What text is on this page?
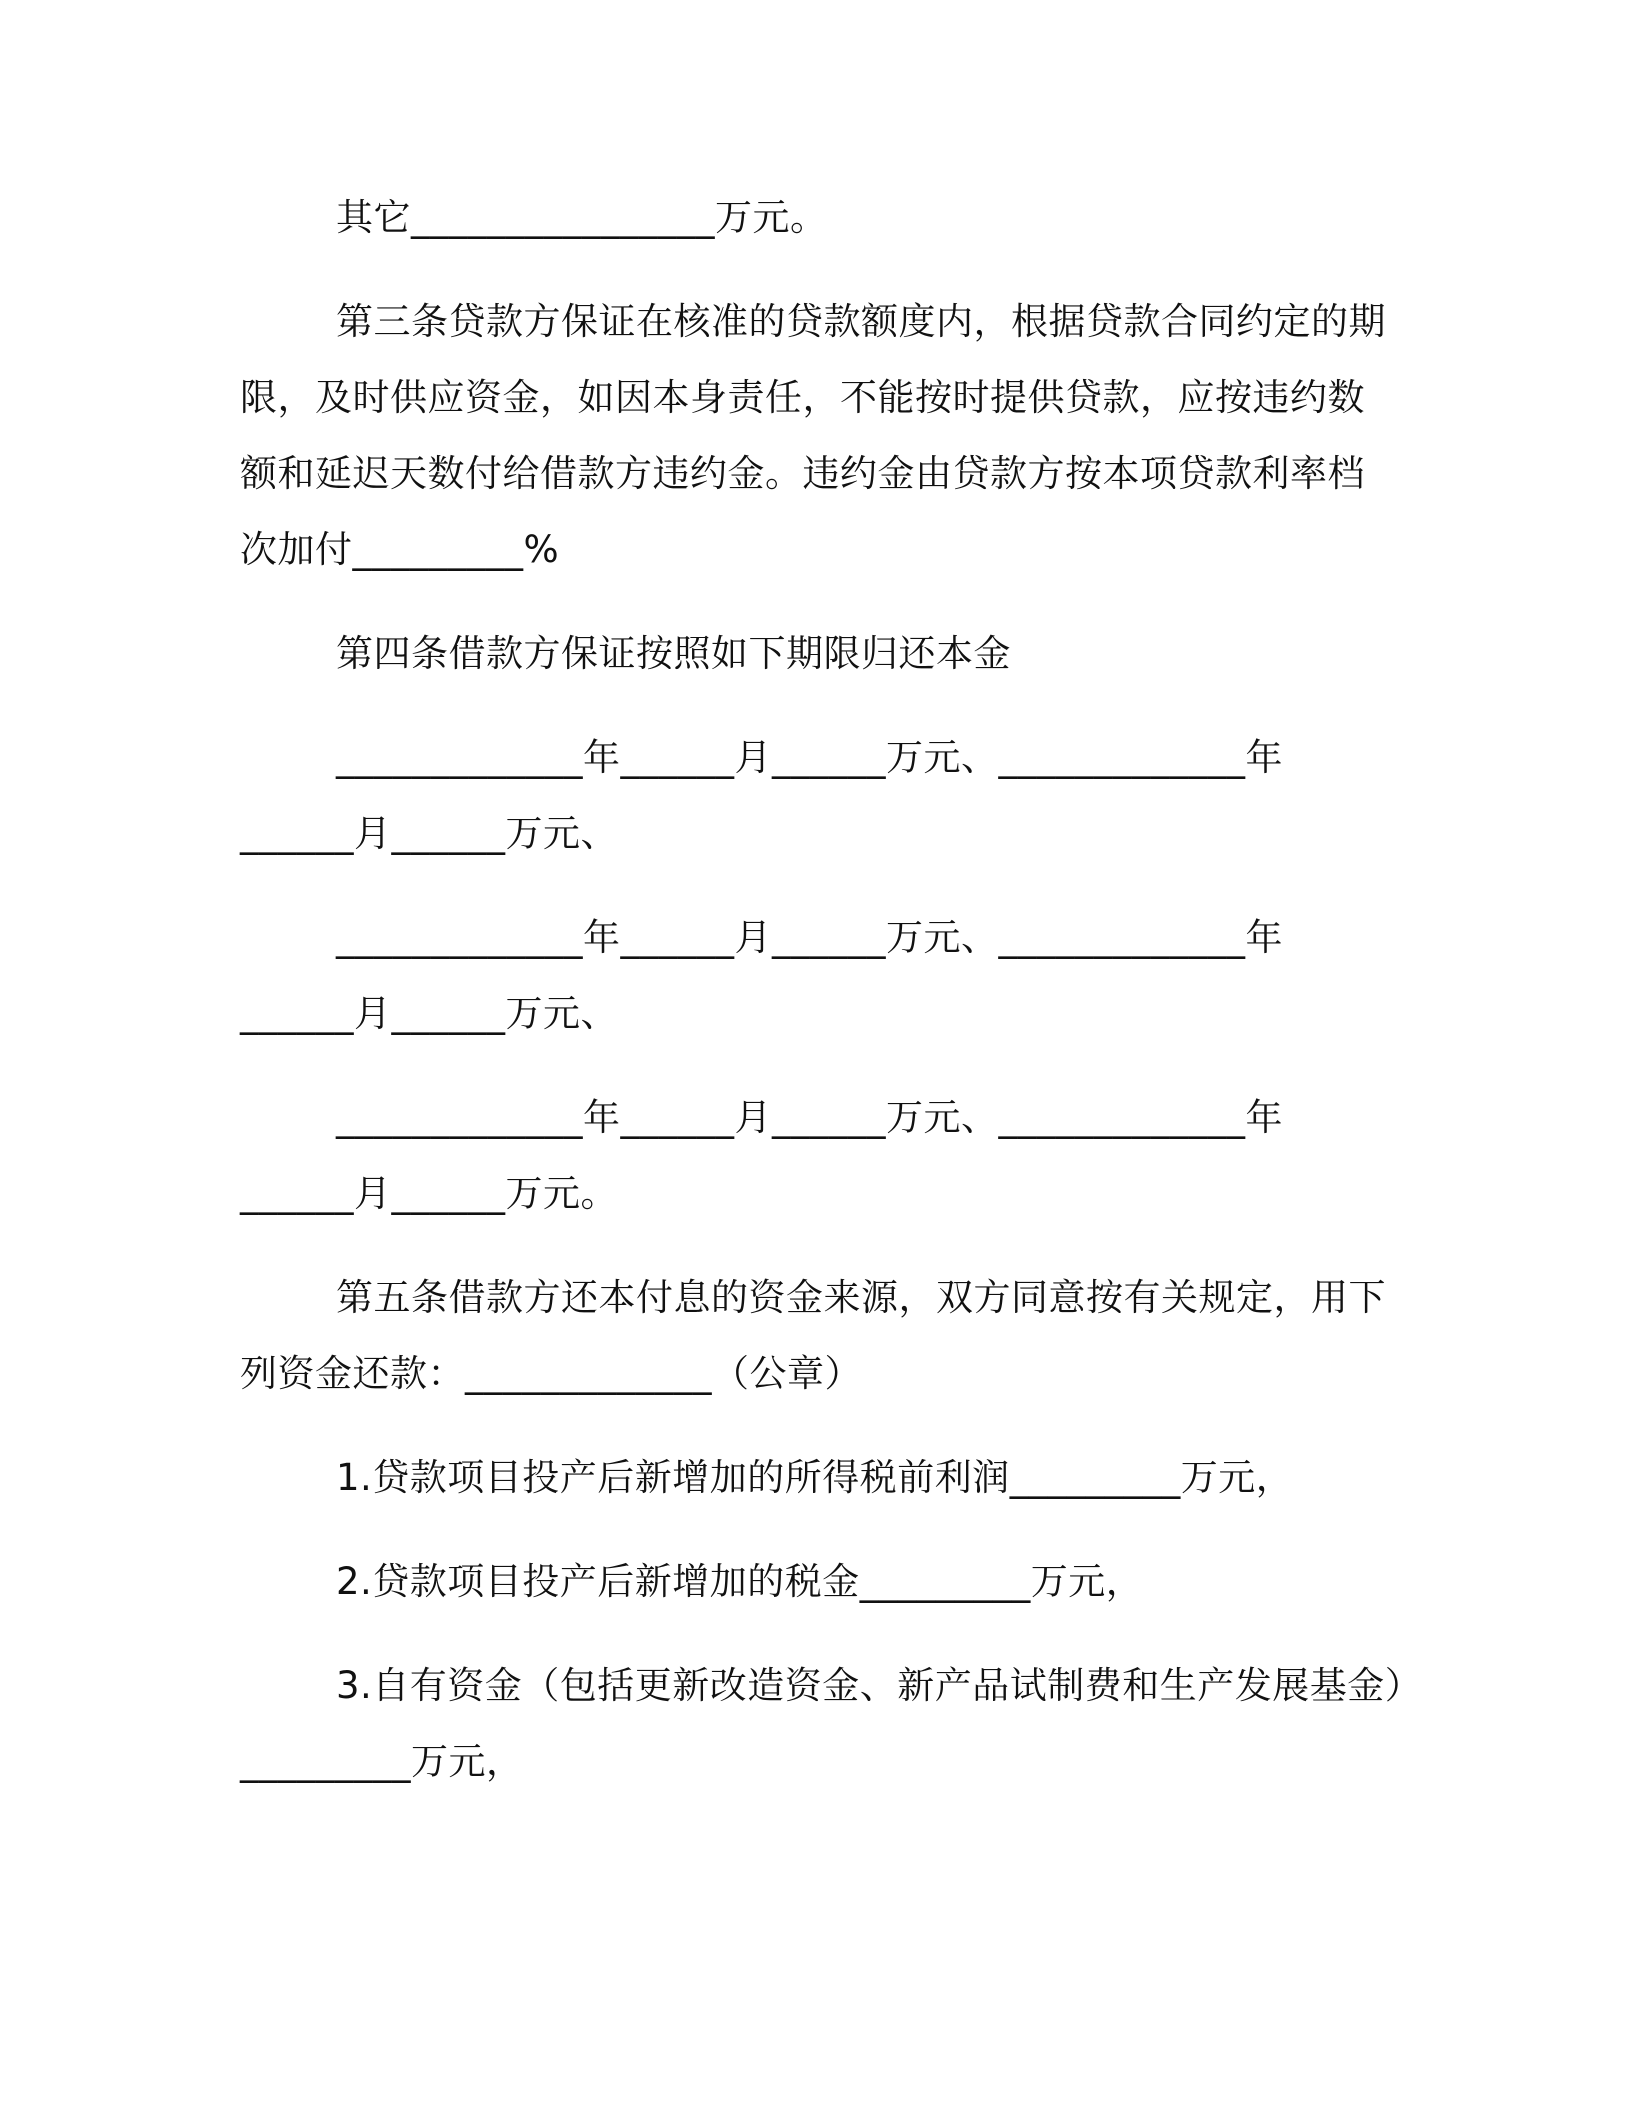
其它________________万元。
第三条贷款方保证在核准的贷款额度内，根据贷款合同约定的期
限，及时供应资金，如因本身责任，不能按时提供贷款，应按违约数
额和延迟天数付给借款方违约金。违约金由贷款方按本项贷款利率档
次加付_________%
第四条借款方保证按照如下期限归还本金
_____________年______月______万元、_____________年
______月______万元、
_____________年______月______万元、_____________年
______月______万元、
_____________年______月______万元、_____________年
______月______万元。
第五条借款方还本付息的资金来源，双方同意按有关规定，用下
列资金还款：_____________（公章）
1.贷款项目投产后新增加的所得税前利润_________万元，
2.贷款项目投产后新增加的税金_________万元，
3.自有资金（包括更新改造资金、新产品试制费和生产发展基金）
_________万元，
